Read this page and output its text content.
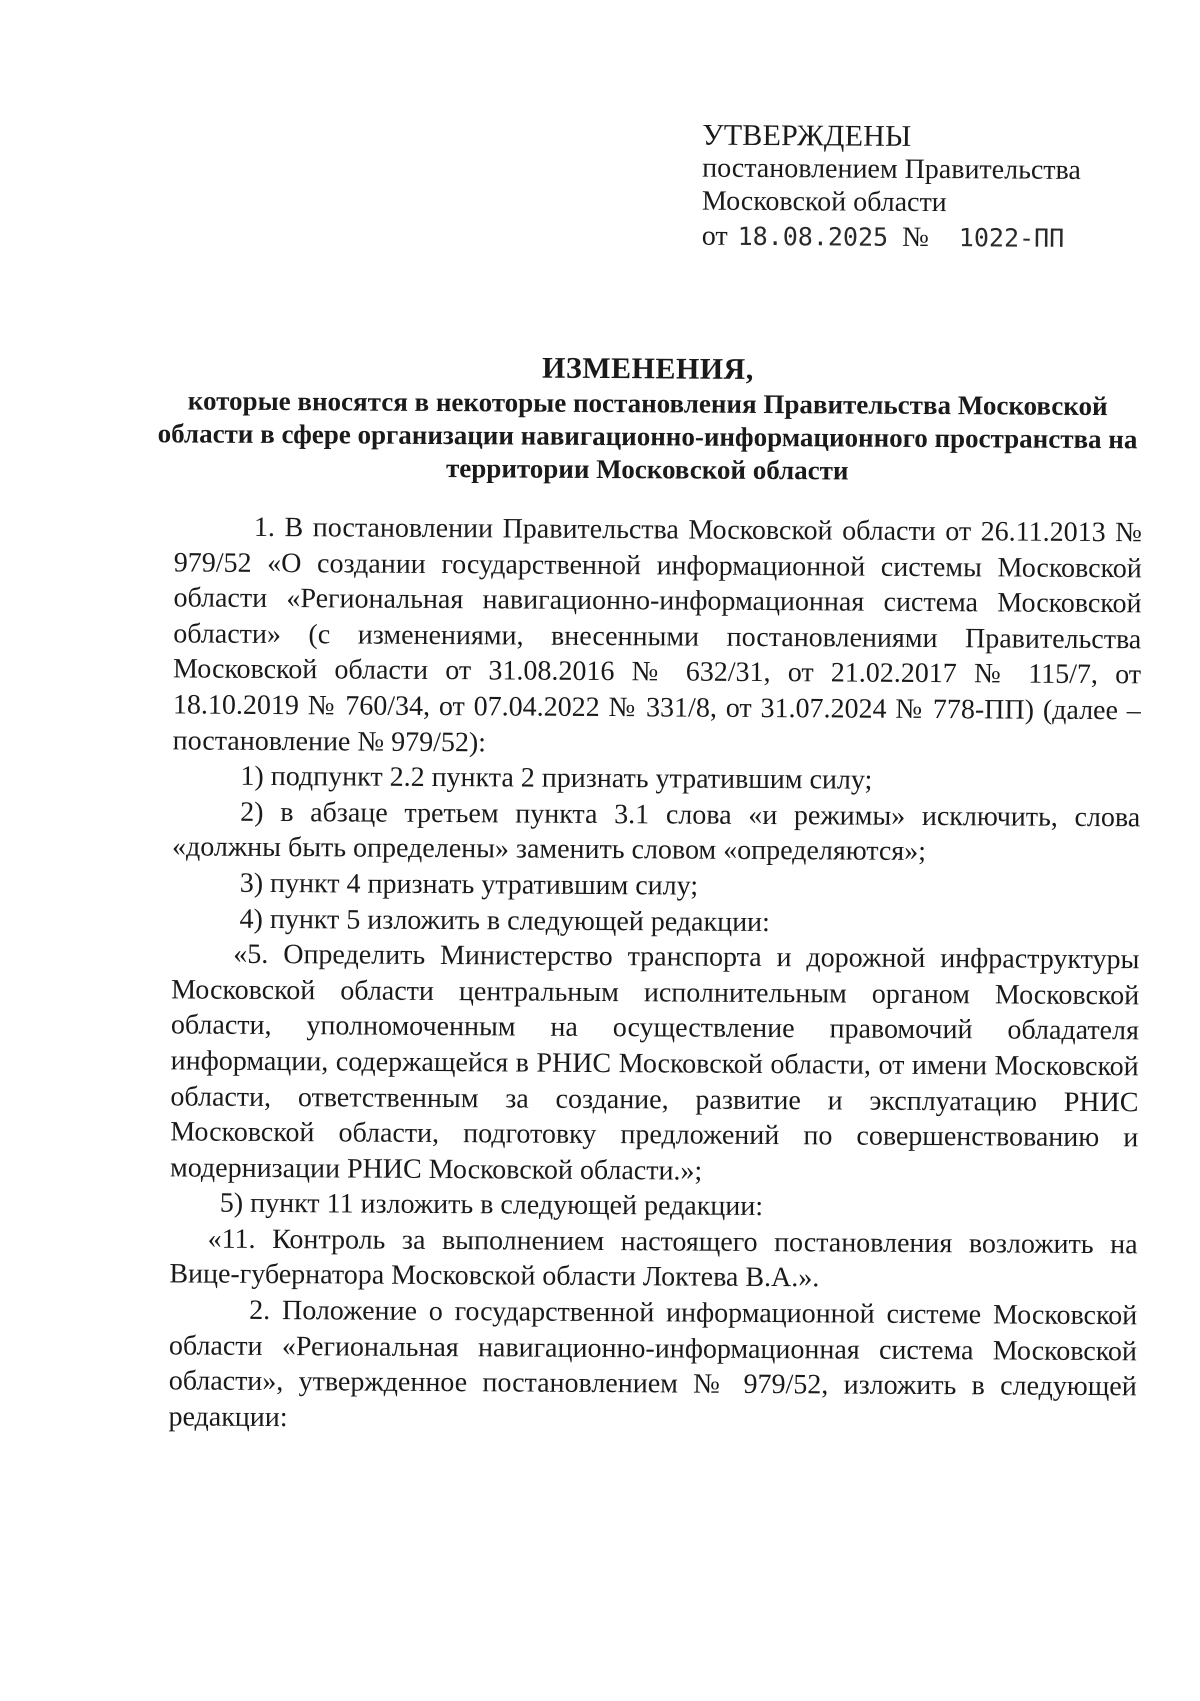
УТВЕРЖДЕНЫ
постановлением Правительства
Московской области
от 18.08.2025 № 1022-ПП
ИЗМЕНЕНИЯ,
которые вносятся в некоторые постановления Правительства Московской области в сфере организации навигационно-информационного пространства на территории Московской области

1. В постановлении Правительства Московской области от 26.11.2013 № 979/52 «О создании государственной информационной системы Московской области «Региональная навигационно-информационная система Московской области» (с изменениями, внесенными постановлениями Правительства Московской области от 31.08.2016 № 632/31, от 21.02.2017 № 115/7, от 18.10.2019 № 760/34, от 07.04.2022 № 331/8, от 31.07.2024 № 778-ПП) (далее – постановление № 979/52):

1) подпункт 2.2 пункта 2 признать утратившим силу;

2) в абзаце третьем пункта 3.1 слова «и режимы» исключить, слова «должны быть определены» заменить словом «определяются»;

3) пункт 4 признать утратившим силу;

4) пункт 5 изложить в следующей редакции:

«5. Определить Министерство транспорта и дорожной инфраструктуры Московской области центральным исполнительным органом Московской области, уполномоченным на осуществление правомочий обладателя информации, содержащейся в РНИС Московской области, от имени Московской области, ответственным за создание, развитие и эксплуатацию РНИС Московской области, подготовку предложений по совершенствованию и модернизации РНИС Московской области.»;

5) пункт 11 изложить в следующей редакции:

«11. Контроль за выполнением настоящего постановления возложить на Вице-губернатора Московской области Локтева В.А.».

2. Положение о государственной информационной системе Московской области «Региональная навигационно-информационная система Московской области», утвержденное постановлением № 979/52, изложить в следующей редакции:
